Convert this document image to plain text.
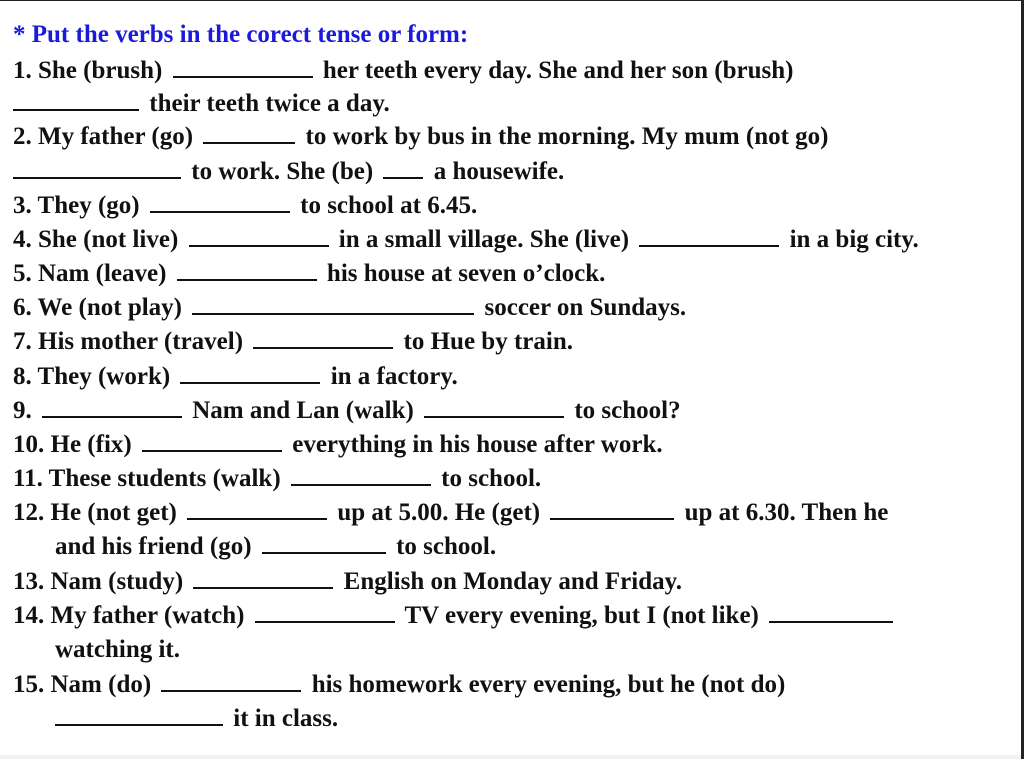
* Put the verbs in the corect tense or form:
1. She (brush)	her teeth every day. She and her son (brush)
their teeth twice a day.
2. My father (go)	to work by bus in the morning. My mum (not go)
to work. She (be) a housewife.
3. They (go)	to school at 6.45.
4. She (not live)	in a small village. She (live)	in a big city.
5. Nam (leave)	his house at seven o’clock.
6. We (not play)	soccer on Sundays.
7. His mother (travel)	to Hue by train.
8. They (work)	in a factory.
9.	Nam and Lan (walk)	to school?
10. He (fix)	everything in his house after work.
11. These students (walk)	to school.
12. He (not get)	up at 5.00. He (get)	up at 6.30. Then he
and his friend (go)	to school.
13. Nam (study)	English on Monday and Friday.
14. My father (watch)	TV every evening, but I (not like)
watching it.
15. Nam (do)	his homework every evening, but he (not do)
it in class.
